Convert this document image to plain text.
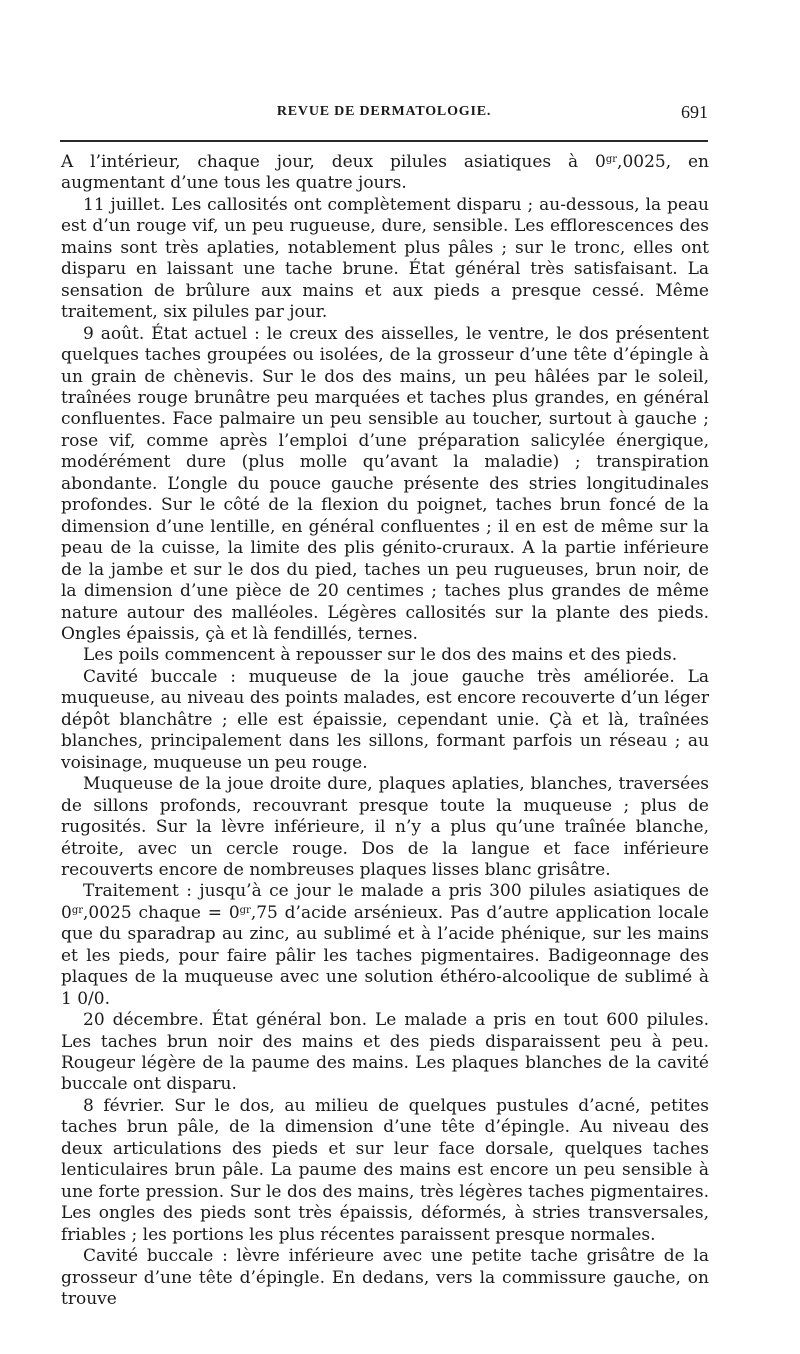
REVUE DE DERMATOLOGIE.	691

A l’intérieur, chaque jour, deux pilules asiatiques à $0^{gr},0025$, en augmentant d’une tous les quatre jours.

11 juillet. Les callosités ont complètement disparu ; au-dessous, la peau est d’un rouge vif, un peu rugueuse, dure, sensible. Les efflorescences des mains sont très aplaties, notablement plus pâles ; sur le tronc, elles ont disparu en laissant une tache brune. État général très satisfaisant. La sensation de brûlure aux mains et aux pieds a presque cessé. Même traitement, six pilules par jour.

9 août. État actuel : le creux des aisselles, le ventre, le dos présentent quelques taches groupées ou isolées, de la grosseur d’une tête d’épingle à un grain de chènevis. Sur le dos des mains, un peu hâlées par le soleil, traînées rouge brunâtre peu marquées et taches plus grandes, en général confluentes. Face palmaire un peu sensible au toucher, surtout à gauche ; rose vif, comme après l’emploi d’une préparation salicylée énergique, modérément dure (plus molle qu’avant la maladie) ; transpiration abondante. L’ongle du pouce gauche présente des stries longitudinales profondes. Sur le côté de la flexion du poignet, taches brun foncé de la dimension d’une lentille, en général confluentes ; il en est de même sur la peau de la cuisse, la limite des plis génito-cruraux. A la partie inférieure de la jambe et sur le dos du pied, taches un peu rugueuses, brun noir, de la dimension d’une pièce de 20 centimes ; taches plus grandes de même nature autour des malléoles. Légères callosités sur la plante des pieds. Ongles épaissis, çà et là fendillés, ternes.

Les poils commencent à repousser sur le dos des mains et des pieds.

Cavité buccale : muqueuse de la joue gauche très améliorée. La muqueuse, au niveau des points malades, est encore recouverte d’un léger dépôt blanchâtre ; elle est épaissie, cependant unie. Çà et là, traînées blanches, principalement dans les sillons, formant parfois un réseau ; au voisinage, muqueuse un peu rouge.

Muqueuse de la joue droite dure, plaques aplaties, blanches, traversées de sillons profonds, recouvrant presque toute la muqueuse ; plus de rugosités. Sur la lèvre inférieure, il n’y a plus qu’une traînée blanche, étroite, avec un cercle rouge. Dos de la langue et face inférieure recouverts encore de nombreuses plaques lisses blanc grisâtre.

Traitement : jusqu’à ce jour le malade a pris 300 pilules asiatiques de $0^{gr},0025$ chaque = $0^{gr},75$ d’acide arsénieux. Pas d’autre application locale que du sparadrap au zinc, au sublimé et à l’acide phénique, sur les mains et les pieds, pour faire pâlir les taches pigmentaires. Badigeonnage des plaques de la muqueuse avec une solution éthéro-alcoolique de sublimé à 1 0/0.

20 décembre. État général bon. Le malade a pris en tout 600 pilules. Les taches brun noir des mains et des pieds disparaissent peu à peu. Rougeur légère de la paume des mains. Les plaques blanches de la cavité buccale ont disparu.

8 février. Sur le dos, au milieu de quelques pustules d’acné, petites taches brun pâle, de la dimension d’une tête d’épingle. Au niveau des deux articulations des pieds et sur leur face dorsale, quelques taches lenticulaires brun pâle. La paume des mains est encore un peu sensible à une forte pression. Sur le dos des mains, très légères taches pigmentaires. Les ongles des pieds sont très épaissis, déformés, à stries transversales, friables ; les portions les plus récentes paraissent presque normales.

Cavité buccale : lèvre inférieure avec une petite tache grisâtre de la grosseur d’une tête d’épingle. En dedans, vers la commissure gauche, on trouve
